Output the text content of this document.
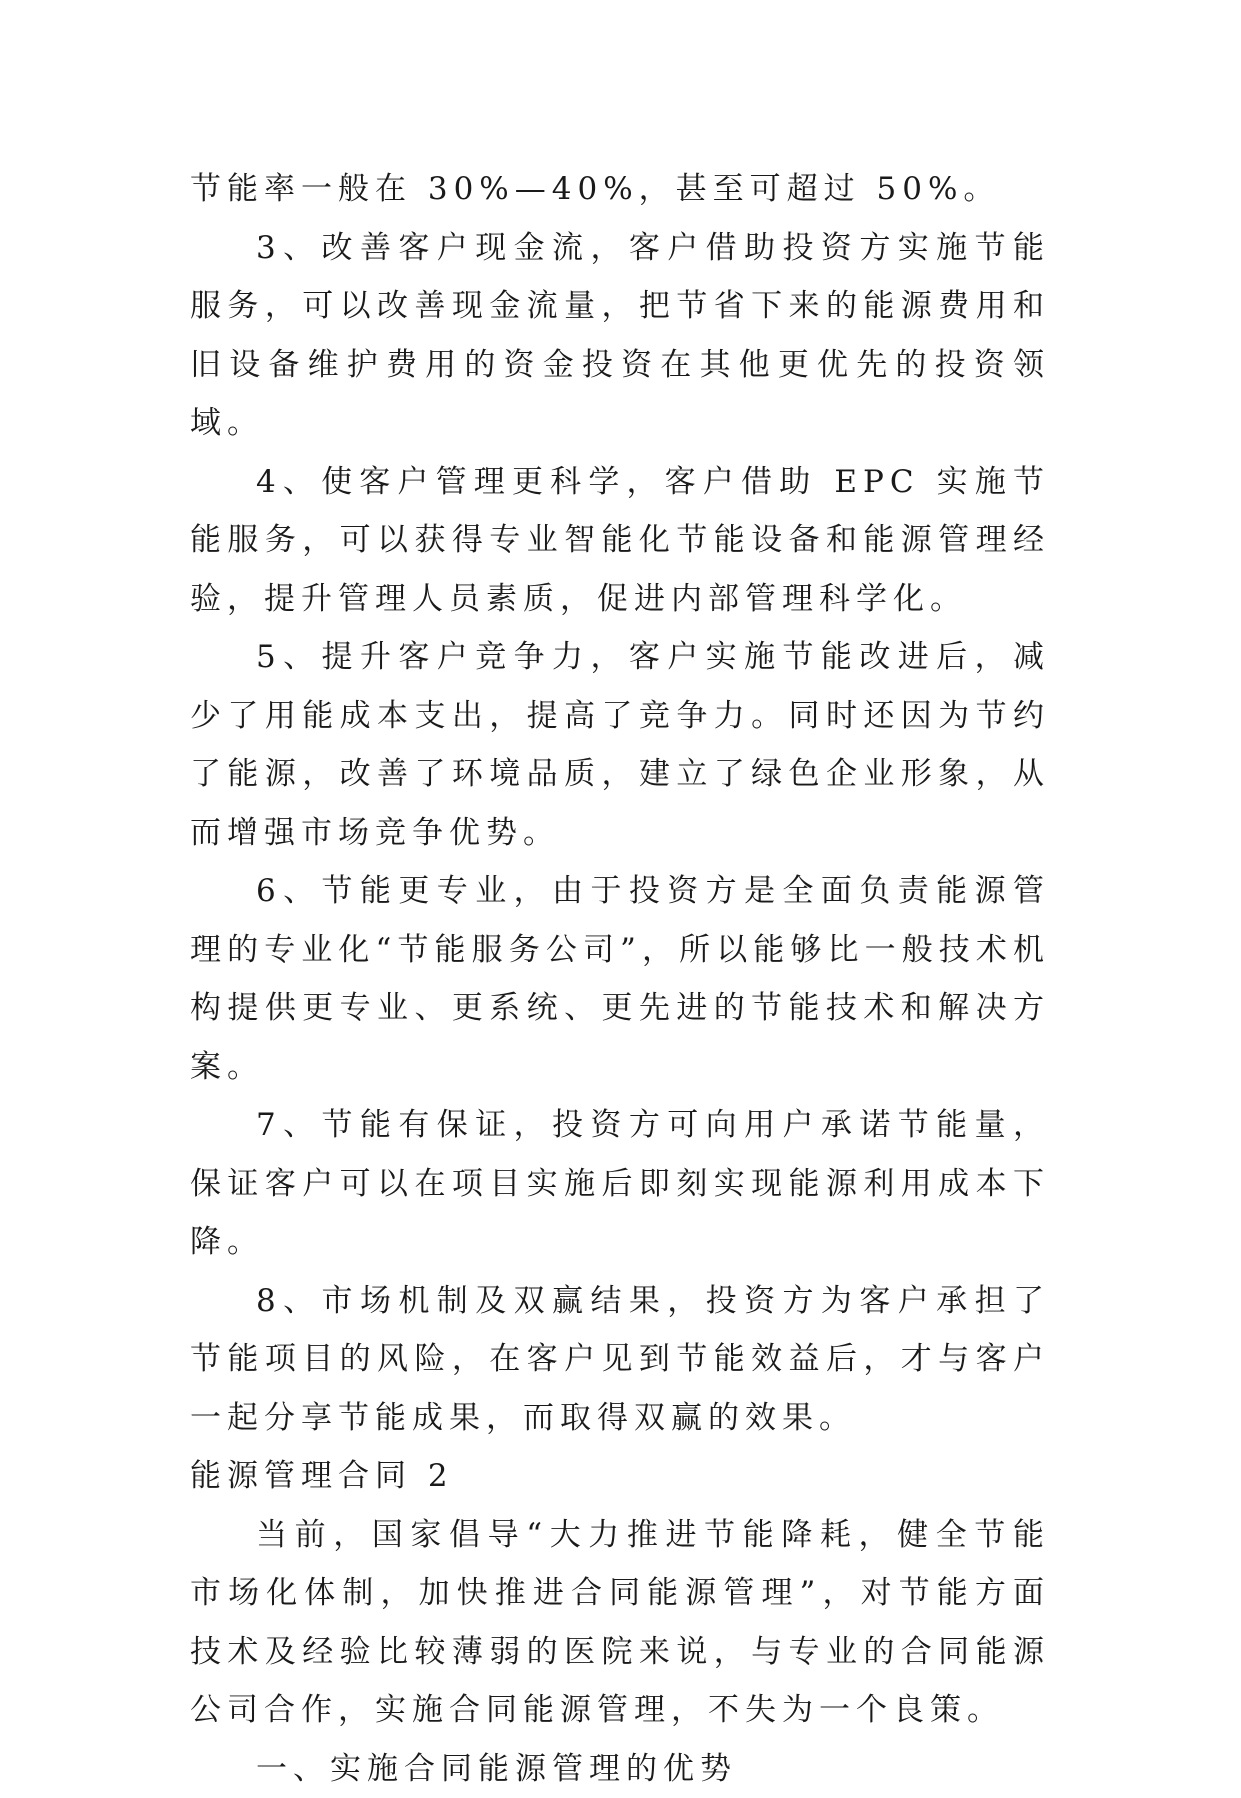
节能率一般在 30%—40%，甚至可超过 50%。

3、改善客户现金流，客户借助投资方实施节能服务，可以改善现金流量，把节省下来的能源费用和旧设备维护费用的资金投资在其他更优先的投资领域。

4、使客户管理更科学，客户借助 EPC 实施节能服务，可以获得专业智能化节能设备和能源管理经验，提升管理人员素质，促进内部管理科学化。

5、提升客户竞争力，客户实施节能改进后，减少了用能成本支出，提高了竞争力。同时还因为节约了能源，改善了环境品质，建立了绿色企业形象，从而增强市场竞争优势。

6、节能更专业，由于投资方是全面负责能源管理的专业化“节能服务公司”，所以能够比一般技术机构提供更专业、更系统、更先进的节能技术和解决方案。

7、节能有保证，投资方可向用户承诺节能量，保证客户可以在项目实施后即刻实现能源利用成本下降。

8、市场机制及双赢结果，投资方为客户承担了节能项目的风险，在客户见到节能效益后，才与客户一起分享节能成果，而取得双赢的效果。

能源管理合同 2

当前，国家倡导“大力推进节能降耗，健全节能市场化体制，加快推进合同能源管理”，对节能方面技术及经验比较薄弱的医院来说，与专业的合同能源公司合作，实施合同能源管理，不失为一个良策。

一、实施合同能源管理的优势
